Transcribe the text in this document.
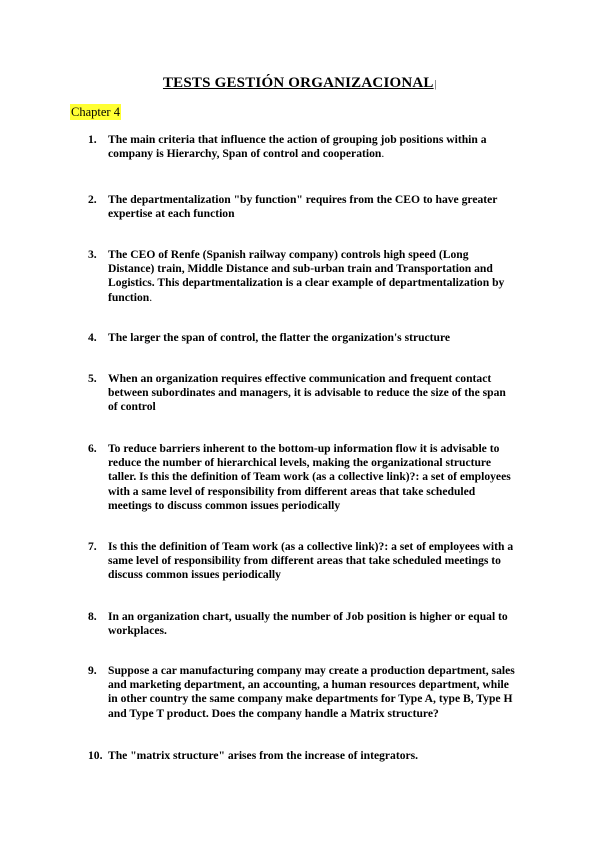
TESTS GESTIÓN ORGANIZACIONAL|
Chapter 4
1. The main criteria that influence the action of grouping job positions within a company is Hierarchy, Span of control and cooperation.
2. The departmentalization "by function" requires from the CEO to have greater expertise at each function
3. The CEO of Renfe (Spanish railway company) controls high speed (Long Distance) train, Middle Distance and sub-urban train and Transportation and Logistics. This departmentalization is a clear example of departmentalization by function.
4. The larger the span of control, the flatter the organization's structure
5. When an organization requires effective communication and frequent contact between subordinates and managers, it is advisable to reduce the size of the span of control
6. To reduce barriers inherent to the bottom-up information flow it is advisable to reduce the number of hierarchical levels, making the organizational structure taller. Is this the definition of Team work (as a collective link)?: a set of employees with a same level of responsibility from different areas that take scheduled meetings to discuss common issues periodically
7. Is this the definition of Team work (as a collective link)?: a set of employees with a same level of responsibility from different areas that take scheduled meetings to discuss common issues periodically
8. In an organization chart, usually the number of Job position is higher or equal to workplaces.
9. Suppose a car manufacturing company may create a production department, sales and marketing department, an accounting, a human resources department, while in other country the same company make departments for Type A, type B, Type H and Type T product. Does the company handle a Matrix structure?
10. The "matrix structure" arises from the increase of integrators.
